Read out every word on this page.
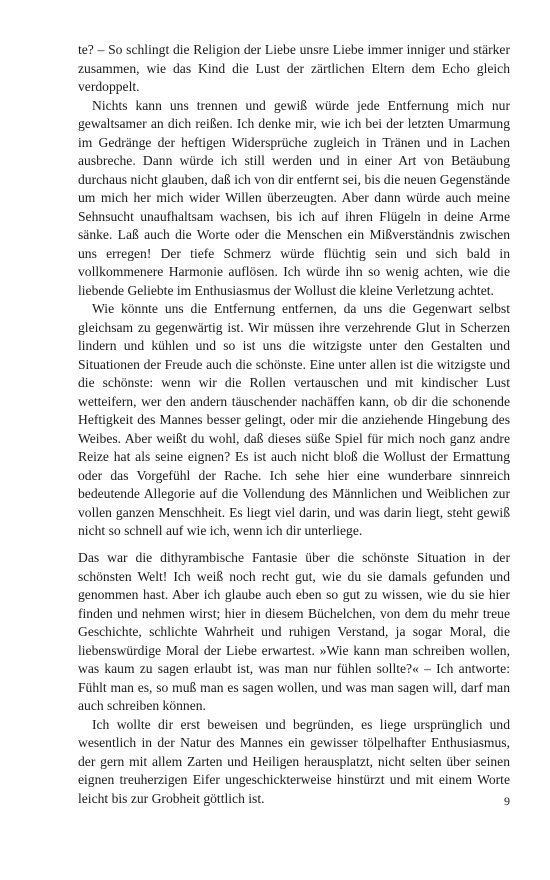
te? – So schlingt die Religion der Liebe unsre Liebe immer inniger und stärker zusammen, wie das Kind die Lust der zärtlichen Eltern dem Echo gleich verdoppelt.

Nichts kann uns trennen und gewiß würde jede Entfernung mich nur gewaltsamer an dich reißen. Ich denke mir, wie ich bei der letzten Umarmung im Gedränge der heftigen Widersprüche zugleich in Tränen und in Lachen ausbreche. Dann würde ich still werden und in einer Art von Betäubung durchaus nicht glauben, daß ich von dir entfernt sei, bis die neuen Gegenstände um mich her mich wider Willen überzeugten. Aber dann würde auch meine Sehnsucht unaufhaltsam wachsen, bis ich auf ihren Flügeln in deine Arme sänke. Laß auch die Worte oder die Menschen ein Mißverständnis zwischen uns erregen! Der tiefe Schmerz würde flüchtig sein und sich bald in vollkommenere Harmonie auflösen. Ich würde ihn so wenig achten, wie die liebende Geliebte im Enthusiasmus der Wollust die kleine Verletzung achtet.

Wie könnte uns die Entfernung entfernen, da uns die Gegenwart selbst gleichsam zu gegenwärtig ist. Wir müssen ihre verzehrende Glut in Scherzen lindern und kühlen und so ist uns die witzigste unter den Gestalten und Situationen der Freude auch die schönste. Eine unter allen ist die witzigste und die schönste: wenn wir die Rollen vertauschen und mit kindischer Lust wetteifern, wer den andern täuschender nachäffen kann, ob dir die schonende Heftigkeit des Mannes besser gelingt, oder mir die anziehende Hingebung des Weibes. Aber weißt du wohl, daß dieses süße Spiel für mich noch ganz andre Reize hat als seine eignen? Es ist auch nicht bloß die Wollust der Ermattung oder das Vorgefühl der Rache. Ich sehe hier eine wunderbare sinnreich bedeutende Allegorie auf die Vollendung des Männlichen und Weiblichen zur vollen ganzen Menschheit. Es liegt viel darin, und was darin liegt, steht gewiß nicht so schnell auf wie ich, wenn ich dir unterliege.

Das war die dithyrambische Fantasie über die schönste Situation in der schönsten Welt! Ich weiß noch recht gut, wie du sie damals gefunden und genommen hast. Aber ich glaube auch eben so gut zu wissen, wie du sie hier finden und nehmen wirst; hier in diesem Büchelchen, von dem du mehr treue Geschichte, schlichte Wahrheit und ruhigen Verstand, ja sogar Moral, die liebenswürdige Moral der Liebe erwartest. »Wie kann man schreiben wollen, was kaum zu sagen erlaubt ist, was man nur fühlen sollte?« – Ich antworte: Fühlt man es, so muß man es sagen wollen, und was man sagen will, darf man auch schreiben können.

Ich wollte dir erst beweisen und begründen, es liege ursprünglich und wesentlich in der Natur des Mannes ein gewisser tölpelhafter Enthusiasmus, der gern mit allem Zarten und Heiligen herausplatzt, nicht selten über seinen eignen treuherzigen Eifer ungeschickterweise hinstürzt und mit einem Worte leicht bis zur Grobheit göttlich ist.	9
